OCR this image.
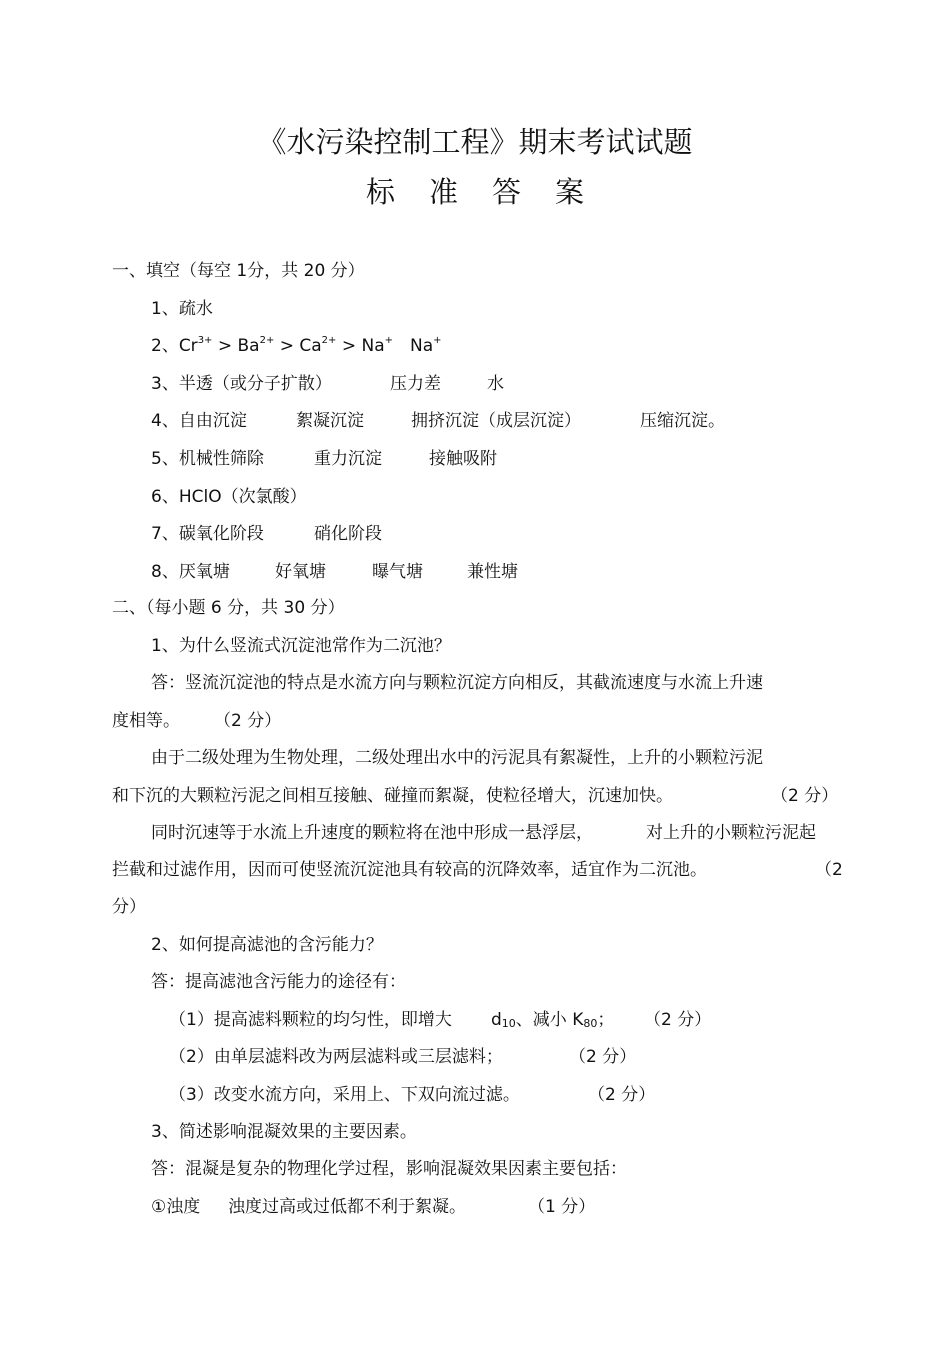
《水污染控制工程》期末考试试题
标准答案
一、填空（每空 1分，共 20 分）
1、疏水
2、$Cr^{3+} > Ba^{2+} > Ca^{2+} > Na^+$ Na+
3、半透（或分子扩散）	压力差	水
4、自由沉淀	絮凝沉淀	拥挤沉淀（成层沉淀）	压缩沉淀。
5、机械性筛除	重力沉淀	接触吸附
6、HClO（次氯酸）
7、碳氧化阶段	硝化阶段
8、厌氧塘	好氧塘	曝气塘	兼性塘
二、（每小题 6 分，共 30 分）
1、为什么竖流式沉淀池常作为二沉池？
答：竖流沉淀池的特点是水流方向与颗粒沉淀方向相反，其截流速度与水流上升速
度相等。 （2 分）
由于二级处理为生物处理，二级处理出水中的污泥具有絮凝性，上升的小颗粒污泥
和下沉的大颗粒污泥之间相互接触、碰撞而絮凝，使粒径增大，沉速加快。	（2 分）
同时沉速等于水流上升速度的颗粒将在池中形成一悬浮层，	对上升的小颗粒污泥起
拦截和过滤作用，因而可使竖流沉淀池具有较高的沉降效率，适宜作为二沉池。	（2
分）
2、如何提高滤池的含污能力？
答：提高滤池含污能力的途径有：
（1）提高滤料颗粒的均匀性，即增大 $d_{10}$、减小 $K_{80}$； （2 分）
（2）由单层滤料改为两层滤料或三层滤料；	（2 分）
（3）改变水流方向，采用上、下双向流过滤。	（2 分）
3、简述影响混凝效果的主要因素。
答：混凝是复杂的物理化学过程，影响混凝效果因素主要包括：
①浊度 浊度过高或过低都不利于絮凝。	（1 分）
